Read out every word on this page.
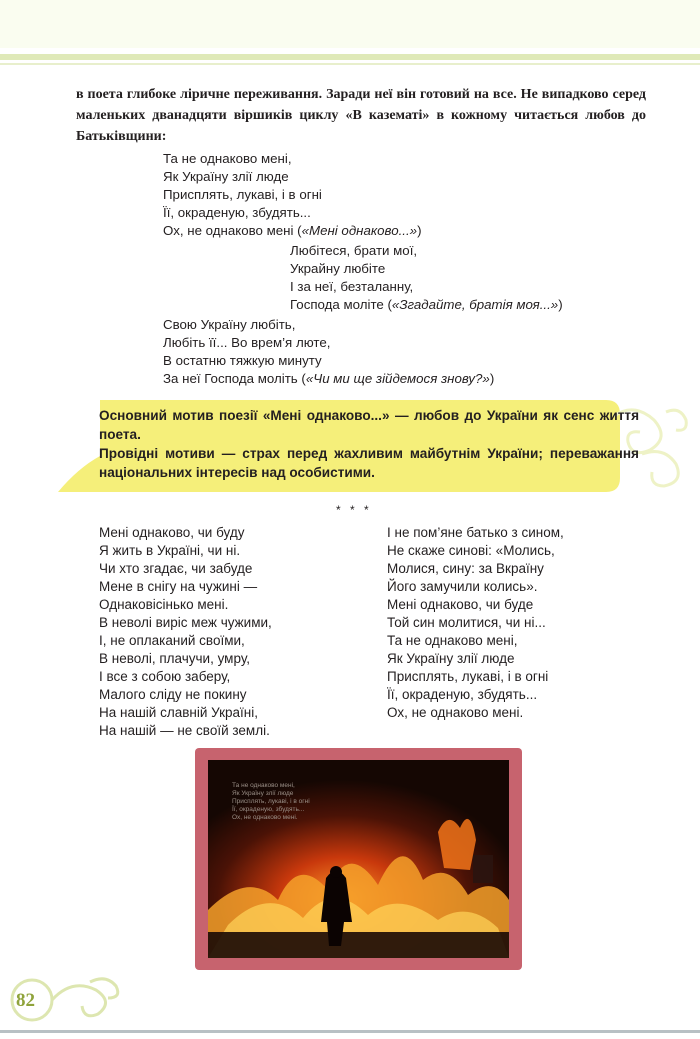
в поета глибоке ліричне переживання. Заради неї він готовий на все. Не випадково серед маленьких дванадцяти віршиків циклу «В казематі» в кожному читається любов до Батьківщини:
Та не однаково мені,
Як Україну злії люде
Присплять, лукаві, і в огні
Її, окраденую, збудять...
Ох, не однаково мені («Мені однаково...»)
Любітеся, брати мої,
Украйну любіте
І за неї, безталанну,
Господа моліте («Згадайте, братія моя...»)
Свою Україну любіть,
Любіть її... Во врем’я люте,
В остатню тяжкую минуту
За неї Господа моліть («Чи ми ще зійдемося знову?»)

Основний мотив поезії «Мені однаково...» — любов до України як сенс життя поета.

Провідні мотиви — страх перед жахливим майбутнім України; переважання національних інтересів над особистими.

* * *
Мені однаково, чи буду
Я жить в Україні, чи ні.
Чи хто згадає, чи забуде
Мене в снігу на чужині —
Однаковісінько мені.
В неволі виріс меж чужими,
І, не оплаканий своїми,
В неволі, плачучи, умру,
І все з собою заберу,
Малого сліду не покину
На нашій славній Україні,
На нашій — не своїй землі.
І не пом’яне батько з сином,
Не скаже синові: «Молись,
Молися, сину: за Вкраїну
Його замучили колись».
Мені однаково, чи буде
Той син молитися, чи ні...
Та не однаково мені,
Як Україну злії люде
Присплять, лукаві, і в огні
Її, окраденую, збудять...
Ох, не однаково мені.
Та не однаково мені,
Як Україну злії люде
Присплять, лукаві, і в огні
Її, окраденую, збудять...
Ох, не однаково мені.
82
